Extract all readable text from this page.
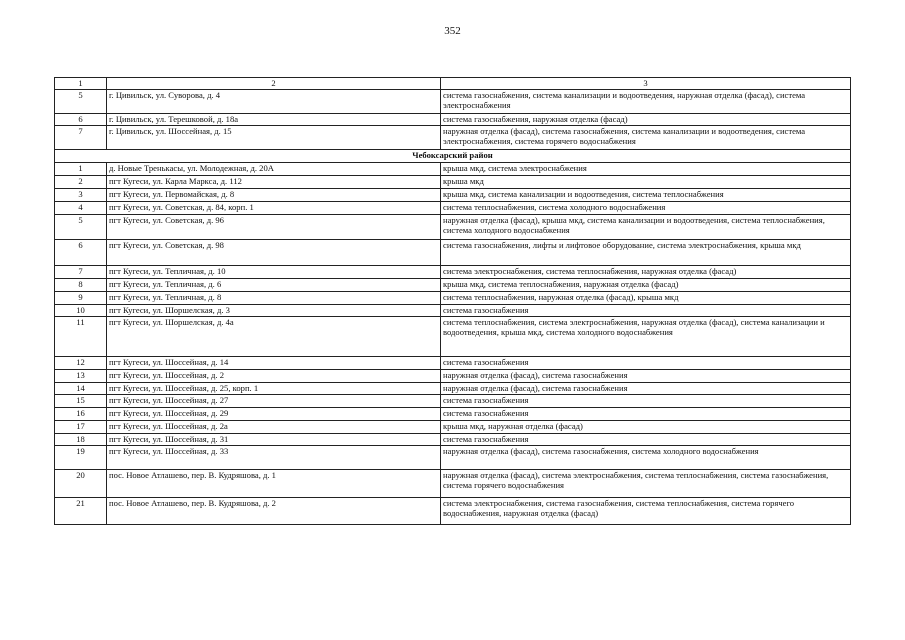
352
1	2	3
5	г. Цивильск, ул. Суворова, д. 4	система газоснабжения, система канализации и водоотведения, наружная отделка (фасад), система электроснабжения
6	г. Цивильск, ул. Терешковой, д. 18а	система газоснабжения, наружная отделка (фасад)
7	г. Цивильск, ул. Шоссейная, д. 15	наружная отделка (фасад), система газоснабжения, система канализации и водоотведения, система электроснабжения, система горячего водоснабжения
Чебоксарский район		
1	д. Новые Тренькасы, ул. Молодежная, д. 20А	крыша мкд, система электроснабжения
2	пгт Кугеси, ул. Карла Маркса, д. 112	крыша мкд
3	пгт Кугеси, ул. Первомайская, д. 8	крыша мкд, система канализации и водоотведения, система теплоснабжения
4	пгт Кугеси, ул. Советская, д. 84, корп. 1	система теплоснабжения, система холодного водоснабжения
5	пгт Кугеси, ул. Советская, д. 96	наружная отделка (фасад), крыша мкд, система канализации и водоотведения, система теплоснабжения, система холодного водоснабжения
6	пгт Кугеси, ул. Советская, д. 98	система газоснабжения, лифты и лифтовое оборудование, система электроснабжения, крыша мкд
7	пгт Кугеси, ул. Тепличная, д. 10	система электроснабжения, система теплоснабжения, наружная отделка (фасад)
8	пгт Кугеси, ул. Тепличная, д. 6	крыша мкд, система теплоснабжения, наружная отделка (фасад)
9	пгт Кугеси, ул. Тепличная, д. 8	система теплоснабжения, наружная отделка (фасад), крыша мкд
10	пгт Кугеси, ул. Шоршелская, д. 3	система газоснабжения
11	пгт Кугеси, ул. Шоршелская, д. 4а	система теплоснабжения, система электроснабжения, наружная отделка (фасад), система канализации и водоотведения, крыша мкд, система холодного водоснабжения
12	пгт Кугеси, ул. Шоссейная, д. 14	система газоснабжения
13	пгт Кугеси, ул. Шоссейная, д. 2	наружная отделка (фасад), система газоснабжения
14	пгт Кугеси, ул. Шоссейная, д. 25, корп. 1	наружная отделка (фасад), система газоснабжения
15	пгт Кугеси, ул. Шоссейная, д. 27	система газоснабжения
16	пгт Кугеси, ул. Шоссейная, д. 29	система газоснабжения
17	пгт Кугеси, ул. Шоссейная, д. 2а	крыша мкд, наружная отделка (фасад)
18	пгт Кугеси, ул. Шоссейная, д. 31	система газоснабжения
19	пгт Кугеси, ул. Шоссейная, д. 33	наружная отделка (фасад), система газоснабжения, система холодного водоснабжения
20	пос. Новое Атлашево, пер. В. Кудряшова, д. 1	наружная отделка (фасад), система электроснабжения, система теплоснабжения, система газоснабжения, система горячего водоснабжения
21	пос. Новое Атлашево, пер. В. Кудряшова, д. 2	система электроснабжения, система газоснабжения, система теплоснабжения, система горячего водоснабжения, наружная отделка (фасад)
